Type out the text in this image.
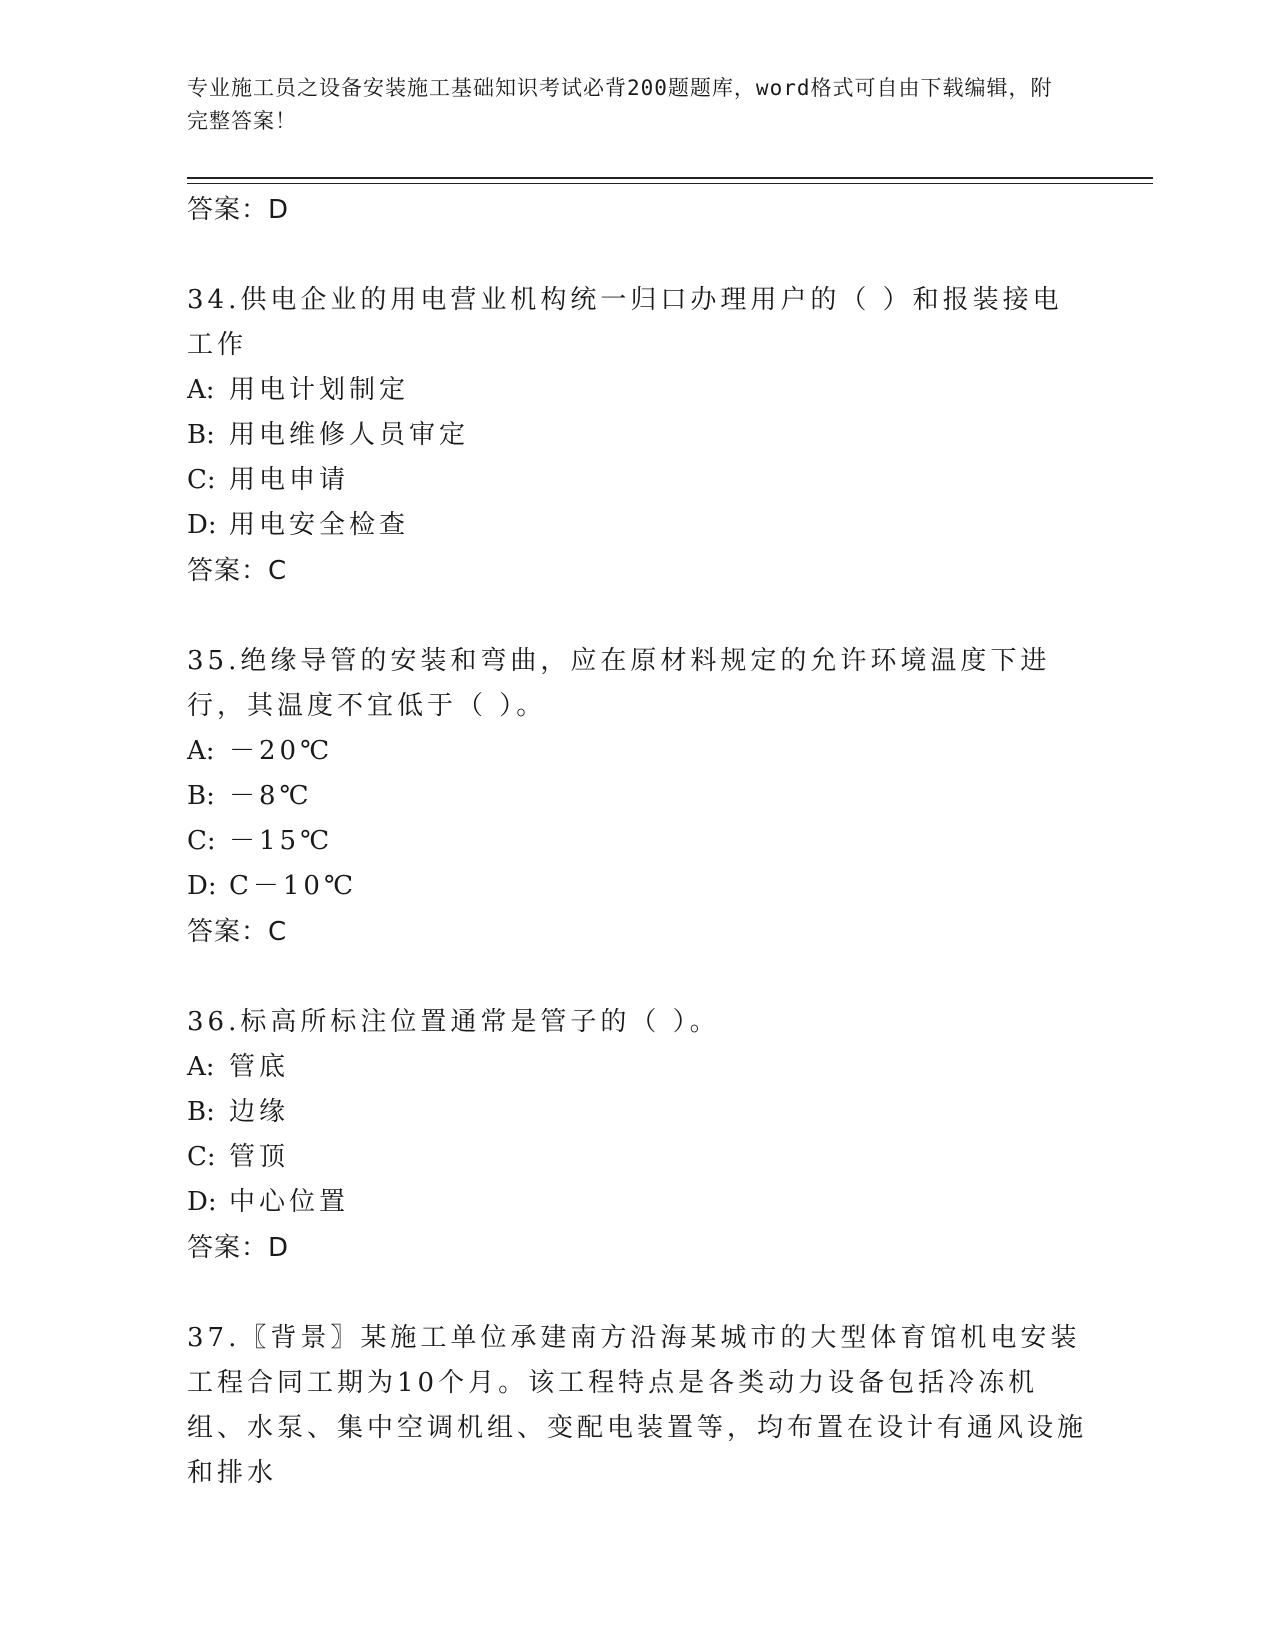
专业施工员之设备安装施工基础知识考试必背200题题库，word格式可自由下载编辑，附完整答案！
答案：D
34.供电企业的用电营业机构统一归口办理用户的（ ）和报装接电工作
A: 用电计划制定
B: 用电维修人员审定
C: 用电申请
D: 用电安全检查
答案：C
35.绝缘导管的安装和弯曲，应在原材料规定的允许环境温度下进行，其温度不宜低于（ ）。
A: －20℃
B: －8℃
C: －15℃
D: C－10℃
答案：C
36.标高所标注位置通常是管子的（ ）。
A: 管底
B: 边缘
C: 管顶
D: 中心位置
答案：D
37.〖背景〗某施工单位承建南方沿海某城市的大型体育馆机电安装工程合同工期为10个月。该工程特点是各类动力设备包括冷冻机组、水泵、集中空调机组、变配电装置等，均布置在设计有通风设施和排水
